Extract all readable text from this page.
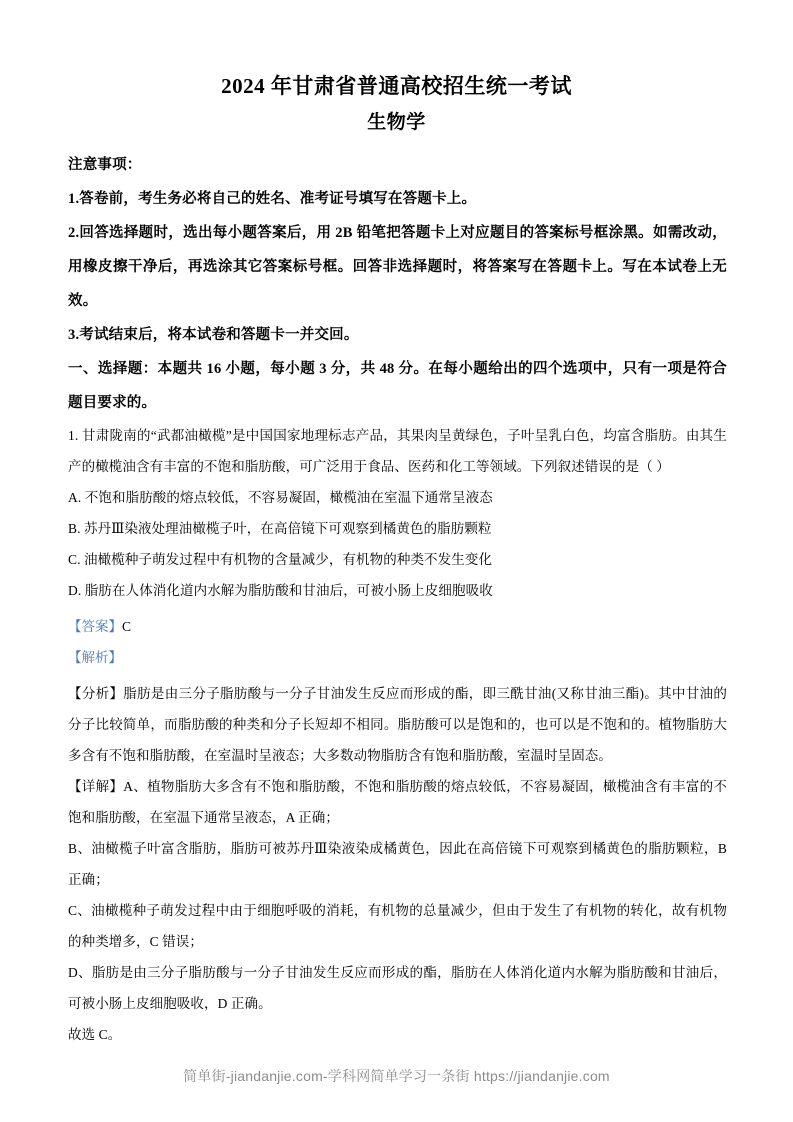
2024 年甘肃省普通高校招生统一考试
生物学

注意事项：

1.答卷前，考生务必将自己的姓名、准考证号填写在答题卡上。

2.回答选择题时，选出每小题答案后，用 2B 铅笔把答题卡上对应题目的答案标号框涂黑。如需改动，用橡皮擦干净后，再选涂其它答案标号框。回答非选择题时，将答案写在答题卡上。写在本试卷上无效。

3.考试结束后，将本试卷和答题卡一并交回。

一、选择题：本题共 16 小题，每小题 3 分，共 48 分。在每小题给出的四个选项中，只有一项是符合题目要求的。

1. 甘肃陇南的“武都油橄榄”是中国国家地理标志产品，其果肉呈黄绿色，子叶呈乳白色，均富含脂肪。由其生产的橄榄油含有丰富的不饱和脂肪酸，可广泛用于食品、医药和化工等领域。下列叙述错误的是（ ）

A. 不饱和脂肪酸的熔点较低，不容易凝固，橄榄油在室温下通常呈液态

B. 苏丹Ⅲ染液处理油橄榄子叶，在高倍镜下可观察到橘黄色的脂肪颗粒

C. 油橄榄种子萌发过程中有机物的含量减少，有机物的种类不发生变化

D. 脂肪在人体消化道内水解为脂肪酸和甘油后，可被小肠上皮细胞吸收

【答案】C

【解析】

【分析】脂肪是由三分子脂肪酸与一分子甘油发生反应而形成的酯，即三酰甘油(又称甘油三酯)。其中甘油的分子比较简单，而脂肪酸的种类和分子长短却不相同。脂肪酸可以是饱和的，也可以是不饱和的。植物脂肪大多含有不饱和脂肪酸，在室温时呈液态；大多数动物脂肪含有饱和脂肪酸，室温时呈固态。

【详解】A、植物脂肪大多含有不饱和脂肪酸，不饱和脂肪酸的熔点较低，不容易凝固，橄榄油含有丰富的不饱和脂肪酸，在室温下通常呈液态，A 正确；

B、油橄榄子叶富含脂肪，脂肪可被苏丹Ⅲ染液染成橘黄色，因此在高倍镜下可观察到橘黄色的脂肪颗粒，B 正确；

C、油橄榄种子萌发过程中由于细胞呼吸的消耗，有机物的总量减少，但由于发生了有机物的转化，故有机物的种类增多，C 错误；

D、脂肪是由三分子脂肪酸与一分子甘油发生反应而形成的酯，脂肪在人体消化道内水解为脂肪酸和甘油后，可被小肠上皮细胞吸收，D 正确。

故选 C。

简单街-jiandanjie.com-学科网简单学习一条街 https://jiandanjie.com
